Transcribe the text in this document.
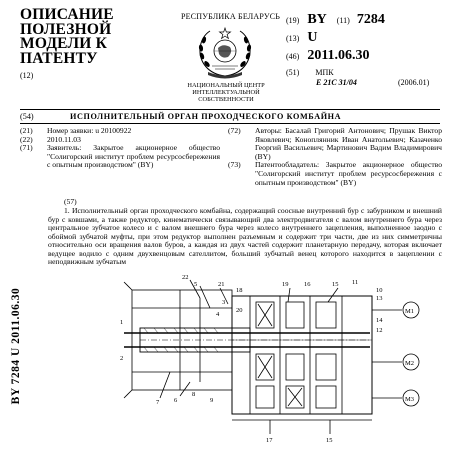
ОПИСАНИЕ
ПОЛЕЗНОЙ
МОДЕЛИ К
ПАТЕНТУ
(12)
РЕСПУБЛИКА БЕЛАРУСЬ
НАЦИОНАЛЬНЫЙ ЦЕНТР
ИНТЕЛЛЕКТУАЛЬНОЙ
СОБСТВЕННОСТИ
(19) BY (11) 7284
(13) U
(46) 2011.06.30
(51) МПК
E 21C 31/04	(2006.01)
(54)	ИСПОЛНИТЕЛЬНЫЙ ОРГАН ПРОХОДЧЕСКОГО КОМБАЙНА
(21)	Номер заявки: u 20100922
(22)	2010.11.03
(71)	Заявитель: Закрытое акционерное общество "Солигорский институт проблем ресурсосбережения с опытным производством" (BY)
(72)	Авторы: Басалай Григорий Антонович; Прушак Виктор Яковлевич; Коноплянник Иван Анатольевич; Казаченко Георгий Васильевич; Мартинович Вадим Владимирович (BY)
(73)	Патентообладатель: Закрытое акционерное общество "Солигорский институт проблем ресурсосбережения с опытным производством" (BY)
(57)

1. Исполнительный орган проходческого комбайна, содержащий соосные внутренний бур с забурником и внешний бур с ковшами, а также редуктор, кинематически связывающий два электродвигателя с валом внутреннего бура через центральное зубчатое колесо и с валом внешнего бура через колесо внутреннего зацепления, выполненное заодно с обоймой зубчатой муфты, при этом редуктор выполнен разъемным и содержит три части, две из них симметричны относительно оси вращения валов буров, а каждая из двух частей содержит планетарную передачу, которая включает ведущее водило с одним двухвенцовым сателлитом, больший зубчатый венец которого находится в зацеплении с неподвижным зубчатым

BY 7284 U 2011.06.30
22
5	21
3
4
18
20
19 16	15 11
10
13
14
12
M1
M2
M3
1
2
6
7
8
9
17	15
